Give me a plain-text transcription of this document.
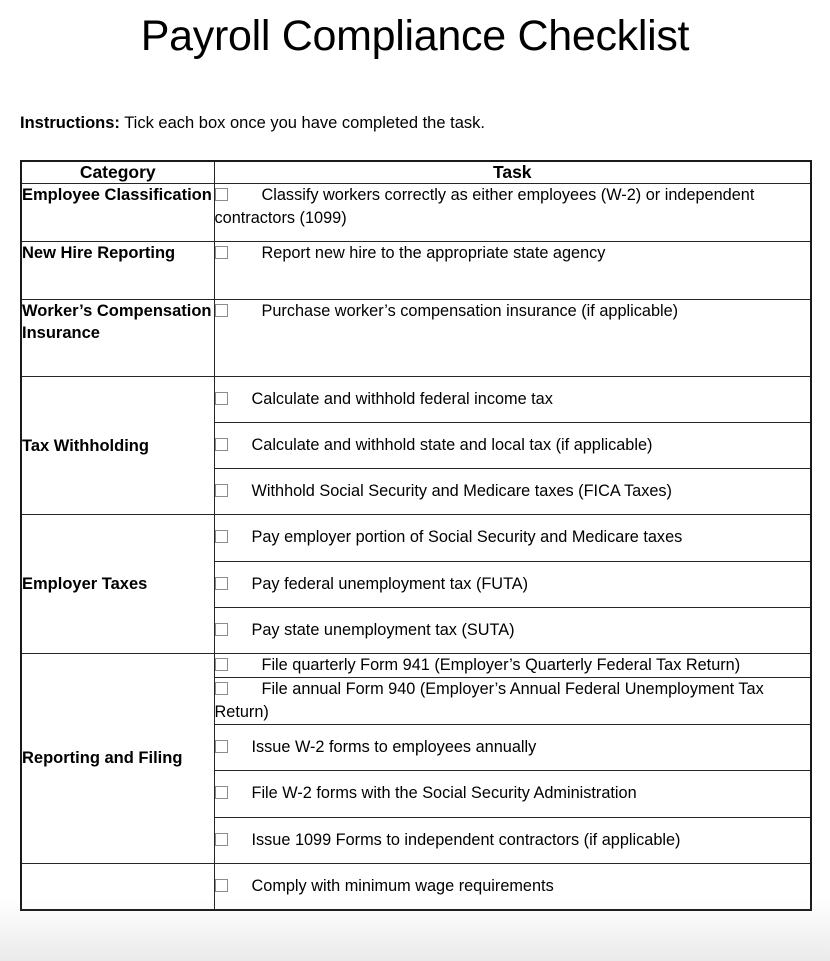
Payroll Compliance Checklist

Instructions: Tick each box once you have completed the task.

Category	Task
Employee Classification	Classify workers correctly as either employees (W-2) or independent contractors (1099)
New Hire Reporting	Report new hire to the appropriate state agency
Worker’s Compensation Insurance	Purchase worker’s compensation insurance (if applicable)
Tax Withholding	Calculate and withhold federal income tax
	Calculate and withhold state and local tax (if applicable)
	Withhold Social Security and Medicare taxes (FICA Taxes)
Employer Taxes	Pay employer portion of Social Security and Medicare taxes
	Pay federal unemployment tax (FUTA)
	Pay state unemployment tax (SUTA)
Reporting and Filing	File quarterly Form 941 (Employer’s Quarterly Federal Tax Return)
	File annual Form 940 (Employer’s Annual Federal Unemployment Tax Return)
	Issue W-2 forms to employees annually
	File W-2 forms with the Social Security Administration
	Issue 1099 Forms to independent contractors (if applicable)
	Comply with minimum wage requirements
